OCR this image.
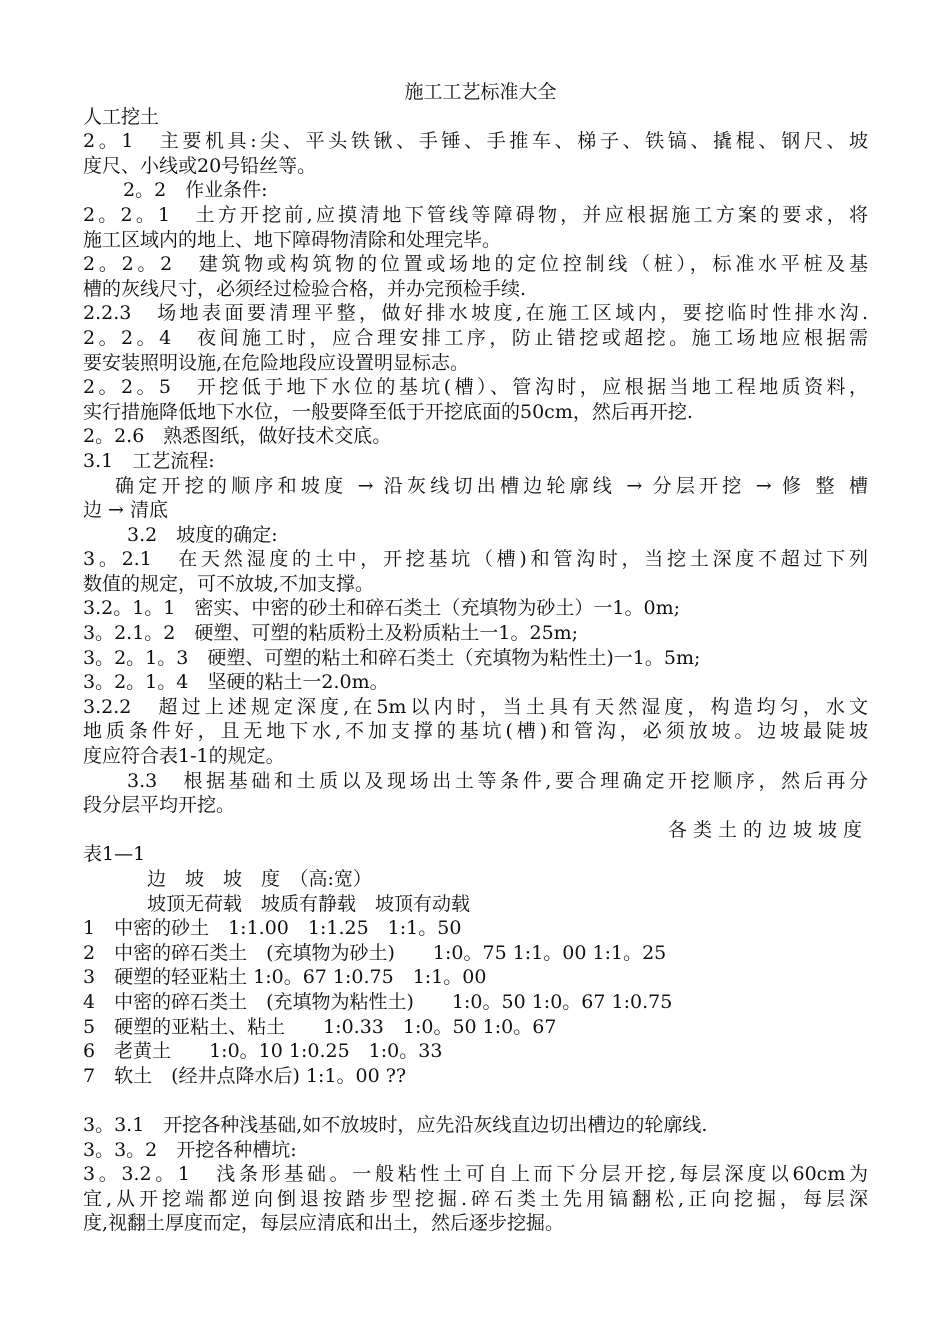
施工工艺标准大全
人工挖土
2。1　主要机具:尖、平头铁锹、手锤、手推车、梯子、铁镐、撬棍、钢尺、坡
度尺、小线或20号铅丝等。
2。2　作业条件:
2。2。1　土方开挖前,应摸清地下管线等障碍物，并应根据施工方案的要求，将
施工区域内的地上、地下障碍物清除和处理完毕。
2。2。2　建筑物或构筑物的位置或场地的定位控制线（桩），标准水平桩及基
槽的灰线尺寸，必须经过检验合格，并办完预检手续.
2.2.3　场地表面要清理平整，做好排水坡度,在施工区域内，要挖临时性排水沟.
2。2。4　夜间施工时，应合理安排工序，防止错挖或超挖。施工场地应根据需
要安装照明设施,在危险地段应设置明显标志。
2。2。5　开挖低于地下水位的基坑(槽）、管沟时，应根据当地工程地质资料，
实行措施降低地下水位，一般要降至低于开挖底面的50cm，然后再开挖.
2。2.6　熟悉图纸，做好技术交底。
3.1　工艺流程:
确定开挖的顺序和坡度 → 沿灰线切出槽边轮廓线 → 分层开挖 → 修 整 槽
边 → 清底
3.2　坡度的确定:
3。2.1　在天然湿度的土中，开挖基坑（槽)和管沟时，当挖土深度不超过下列
数值的规定，可不放坡,不加支撑。
3.2。1。1　密实、中密的砂土和碎石类土（充填物为砂土）一1。0m;
3。2.1。2　硬塑、可塑的粘质粉土及粉质粘土一1。25m;
3。2。1。3　硬塑、可塑的粘土和碎石类土（充填物为粘性土)一1。5m;
3。2。1。4　坚硬的粘土一2.0m。
3.2.2　超过上述规定深度,在5m以内时，当土具有天然湿度，构造均匀，水文
地质条件好，且无地下水,不加支撑的基坑(槽)和管沟，必须放坡。边坡最陡坡
度应符合表1-1的规定。
3.3　根据基础和土质以及现场出土等条件,要合理确定开挖顺序，然后再分
段分层平均开挖。
各类土的边坡坡度
表1—1
边　坡　坡　度　（高:宽）
坡顶无荷载　坡质有静载　坡顶有动载
1　中密的砂土　1:1.00　1:1.25　1:1。50
2　中密的碎石类土　(充填物为砂土)　　1:0。75 1:1。00 1:1。25
3　硬塑的轻亚粘土 1:0。67 1:0.75　1:1。00
4　中密的碎石类土　(充填物为粘性土)　　1:0。50 1:0。67 1:0.75
5　硬塑的亚粘土、粘土　　1:0.33　1:0。50 1:0。67
6　老黄土　　1:0。10 1:0.25　1:0。33
7　软土　(经井点降水后) 1:1。00 ??
3。3.1　开挖各种浅基础,如不放坡时，应先沿灰线直边切出槽边的轮廓线.
3。3。2　开挖各种槽坑:
3。3.2。1　浅条形基础。一般粘性土可自上而下分层开挖,每层深度以60cm为
宜,从开挖端都逆向倒退按踏步型挖掘.碎石类土先用镐翻松,正向挖掘，每层深
度,视翻土厚度而定，每层应清底和出土，然后逐步挖掘。
